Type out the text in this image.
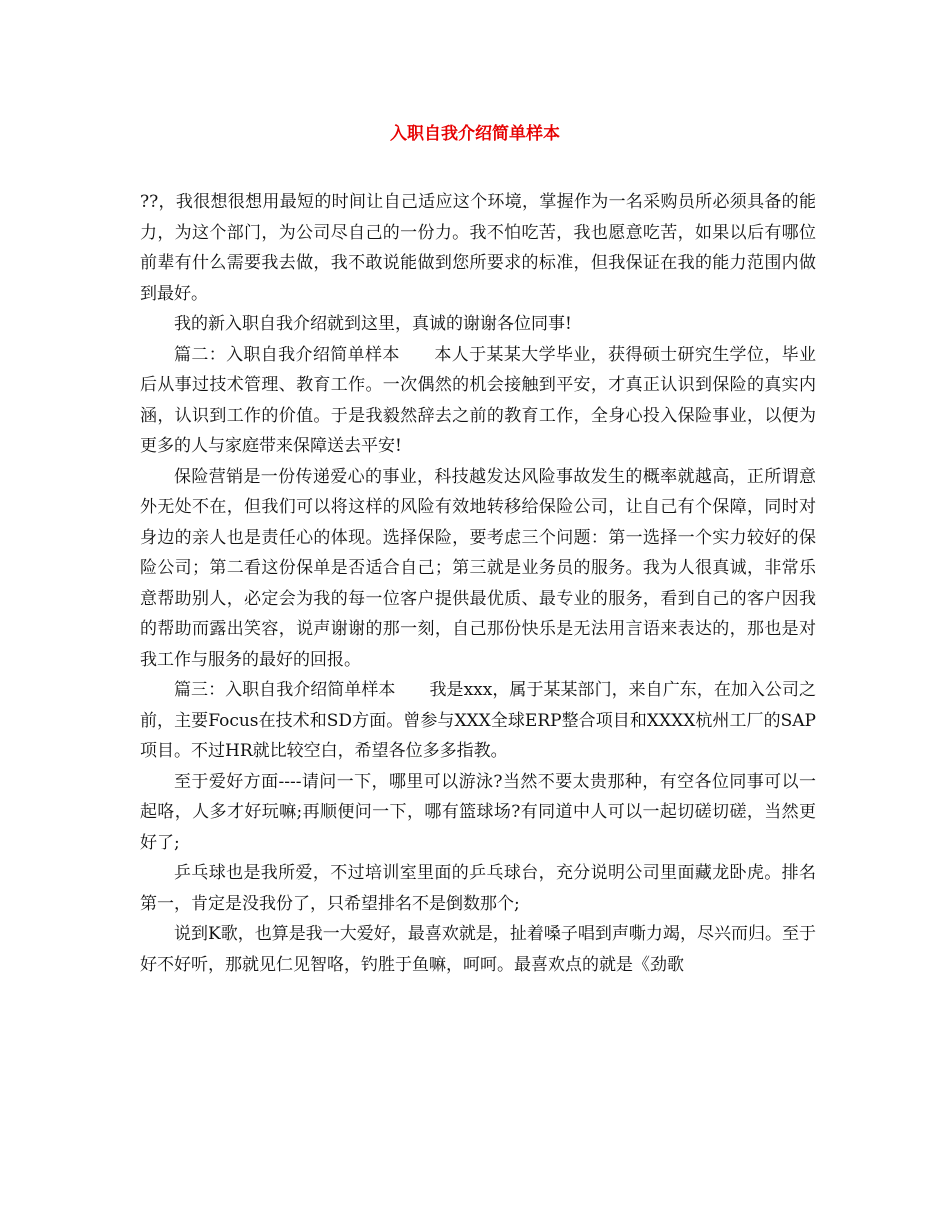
入职自我介绍简单样本

??，我很想很想用最短的时间让自己适应这个环境，掌握作为一名采购员所必须具备的能力，为这个部门，为公司尽自己的一份力。我不怕吃苦，我也愿意吃苦，如果以后有哪位前辈有什么需要我去做，我不敢说能做到您所要求的标准，但我保证在我的能力范围内做到最好。

我的新入职自我介绍就到这里，真诚的谢谢各位同事!

篇二：入职自我介绍简单样本　　本人于某某大学毕业，获得硕士研究生学位，毕业后从事过技术管理、教育工作。一次偶然的机会接触到平安，才真正认识到保险的真实内涵，认识到工作的价值。于是我毅然辞去之前的教育工作，全身心投入保险事业，以便为更多的人与家庭带来保障送去平安!

保险营销是一份传递爱心的事业，科技越发达风险事故发生的概率就越高，正所谓意外无处不在，但我们可以将这样的风险有效地转移给保险公司，让自己有个保障，同时对身边的亲人也是责任心的体现。选择保险，要考虑三个问题：第一选择一个实力较好的保险公司；第二看这份保单是否适合自己；第三就是业务员的服务。我为人很真诚，非常乐意帮助别人，必定会为我的每一位客户提供最优质、最专业的服务，看到自己的客户因我的帮助而露出笑容，说声谢谢的那一刻，自己那份快乐是无法用言语来表达的，那也是对我工作与服务的最好的回报。

篇三：入职自我介绍简单样本　　我是xxx，属于某某部门，来自广东，在加入公司之前，主要Focus在技术和SD方面。曾参与XXX全球ERP整合项目和XXXX杭州工厂的SAP项目。不过HR就比较空白，希望各位多多指教。

至于爱好方面----请问一下，哪里可以游泳?当然不要太贵那种，有空各位同事可以一起咯，人多才好玩嘛;再顺便问一下，哪有篮球场?有同道中人可以一起切磋切磋，当然更好了;

乒乓球也是我所爱，不过培训室里面的乒乓球台，充分说明公司里面藏龙卧虎。排名第一，肯定是没我份了，只希望排名不是倒数那个;

说到K歌，也算是我一大爱好，最喜欢就是，扯着嗓子唱到声嘶力竭，尽兴而归。至于好不好听，那就见仁见智咯，钓胜于鱼嘛，呵呵。最喜欢点的就是《劲歌
